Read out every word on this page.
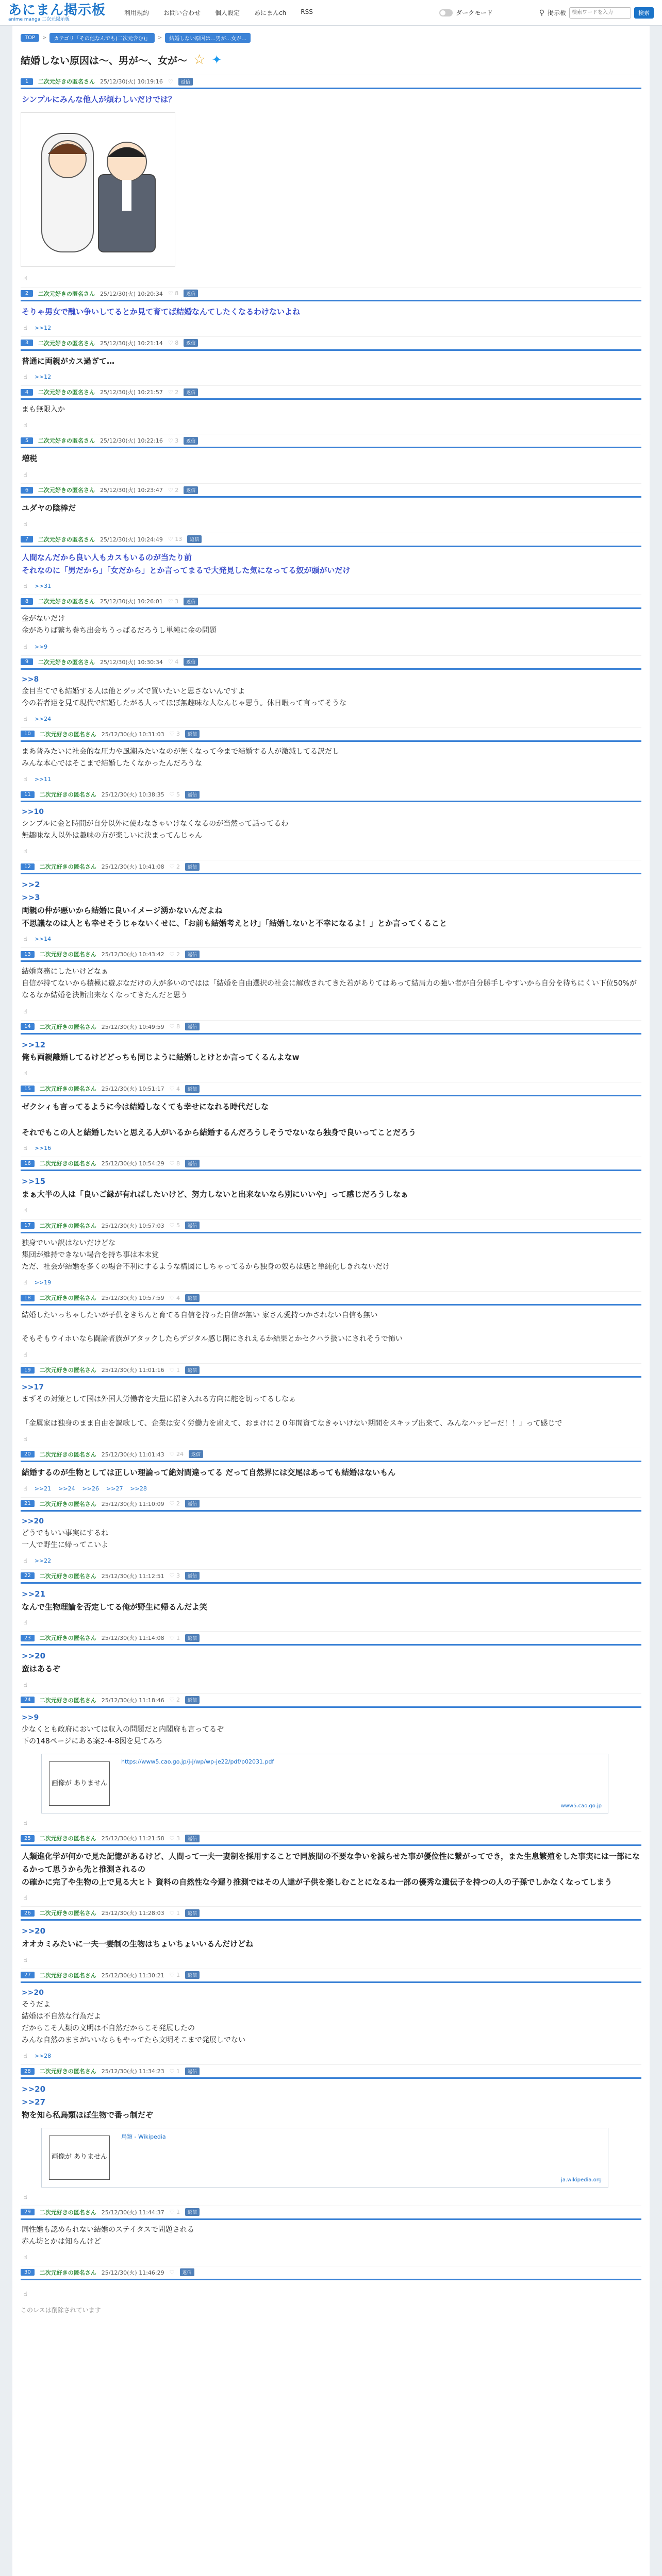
あにまん掲示板
anime manga 二次元掲示板
利用規約	お問い合わせ	個人設定	あにまんch	RSS	ダークモード	⚲ 掲示板
検索ワードを入力	検索
TOP	>	カテゴリ「その他なんでも(二次元含む)」	>	結婚しない原因は…男が…女が…
結婚しない原因は〜、男が〜、女が〜 ☆ ✦
1	二次元好きの匿名さん 25/12/30(火) 10:19:16 ♡	返信
シンプルにみんな他人が煩わしいだけでは？
☝
2	二次元好きの匿名さん 25/12/30(火) 10:20:34 ♡ 8	返信
そりゃ男女で醜い争いしてるとか見て育てば結婚なんてしたくなるわけないよね
☝ >>12
3	二次元好きの匿名さん 25/12/30(火) 10:21:14 ♡ 8	返信
普通に両親がカス過ぎて…
☝ >>12
4	二次元好きの匿名さん 25/12/30(火) 10:21:57 ♡ 2	返信
まも無限入か
☝
5	二次元好きの匿名さん 25/12/30(火) 10:22:16 ♡ 3	返信
増税
☝
6	二次元好きの匿名さん 25/12/30(火) 10:23:47 ♡ 2	返信
ユダヤの陰棒だ
☝
7	二次元好きの匿名さん 25/12/30(火) 10:24:49 ♡ 13	返信
人間なんだから良い人もカスもいるのが当たり前
それなのに「男だから」「女だから」とか言ってまるで大発見した気になってる奴が頭がいだけ
☝ >>31
8	二次元好きの匿名さん 25/12/30(火) 10:26:01 ♡ 3	返信
金がないだけ
金がありば繁ち巻ち出会ちうっぱるだろうし単純に金の問題
☝ >>9
9	二次元好きの匿名さん 25/12/30(火) 10:30:34 ♡ 4	返信
>>8
金目当てでも結婚する人は他とグッズで買いたいと思さないんですよ
今の若者達を見て現代で結婚したがる人ってほぼ無趣味な人なんじゃ思う。休日暇って言ってそうな
☝ >>24
10	二次元好きの匿名さん 25/12/30(火) 10:31:03 ♡ 3	返信
まあ普みたいに社会的な圧力や風潮みたいなのが無くなって今まで結婚する人が激減してる訳だし
みんな本心ではそこまで結婚したくなかったんだろうな
☝ >>11
11	二次元好きの匿名さん 25/12/30(火) 10:38:35 ♡ 5	返信
>>10
シンプルに金と時間が自分以外に使わなきゃいけなくなるのが当然って話ってるわ
無趣味な人以外は趣味の方が楽しいに決まってんじゃん
☝
12	二次元好きの匿名さん 25/12/30(火) 10:41:08 ♡ 2	返信
>>2
>>3
両親の仲が悪いから結婚に良いイメージ湧かないんだよね
不思議なのは人とも幸せそうじゃないくせに、「お前も結婚考えとけ」「結婚しないと不幸になるよ！」とか言ってくること
☝ >>14
13	二次元好きの匿名さん 25/12/30(火) 10:43:42 ♡ 2	返信
結婚喜務にしたいけどなぁ
自信が持てないから積極に遊ぶなだけの人が多いのではは「結婚を自由選択の社会に解放されてきた若がありてはあって結局力の強い者が自分勝手しやすいから自分を待ちにくい下位50%がなるなか結婚を決断出来なくなってきたんだと思う
☝
14	二次元好きの匿名さん 25/12/30(火) 10:49:59 ♡ 8	返信
>>12
俺も両親離婚してるけどどっちも同じように結婚しとけとか言ってくるんよなw
☝
15	二次元好きの匿名さん 25/12/30(火) 10:51:17 ♡ 4	返信
ゼクシィも言ってるように今は結婚しなくても幸せになれる時代だしな

それでもこの人と結婚したいと思える人がいるから結婚するんだろうしそうでないなら独身で良いってことだろう
☝ >>16
16	二次元好きの匿名さん 25/12/30(火) 10:54:29 ♡ 8	返信
>>15
まぁ大半の人は「良いご縁が有ればしたいけど、努力しないと出来ないなら別にいいや」って感じだろうしなぁ
☝
17	二次元好きの匿名さん 25/12/30(火) 10:57:03 ♡ 5	返信
独身でいい訳はないだけどな
集団が維持できない場合を持ち事は本末覚
ただ、社会が結婚を多くの場合不利にするような構図にしちゃってるから独身の奴らは悪と単純化しきれないだけ
☝ >>19
18	二次元好きの匿名さん 25/12/30(火) 10:57:59 ♡ 4	返信
結婚したいっちゃしたいが子供をきちんと育てる自信を持った自信が無い 家さん愛持つかされない自信も無い

そもそもウイホいなら闘論者族がアタックしたらデジタル感じ閉にされえるか結果とかセクハラ扱いにされそうで怖い
☝
19	二次元好きの匿名さん 25/12/30(火) 11:01:16 ♡ 1	返信
>>17
まずその対策として国は外国人労働者を大量に招き入れる方向に舵を切ってるしなぁ

「金属家は独身のまま自由を謳歌して、企業は安く労働力を雇えて、おまけに２０年間資てなきゃいけない期間をスキップ出来て、みんなハッピーだ！！」って感じで
☝
20	二次元好きの匿名さん 25/12/30(火) 11:01:43 ♡ 24	返信
結婚するのが生物としては正しい理論って絶対間違ってる だって自然界には交尾はあっても結婚はないもん
☝ >>21 >>24 >>26 >>27 >>28
21	二次元好きの匿名さん 25/12/30(火) 11:10:09 ♡ 2	返信
>>20
どうでもいい事実にするね
一人で野生に帰ってこいよ
☝ >>22
22	二次元好きの匿名さん 25/12/30(火) 11:12:51 ♡ 3	返信
>>21
なんで生物理論を否定してる俺が野生に帰るんだよ笑
☝
23	二次元好きの匿名さん 25/12/30(火) 11:14:08 ♡ 1	返信
>>20
蛮はあるぞ
☝
24	二次元好きの匿名さん 25/12/30(火) 11:18:46 ♡ 2	返信
>>9
少なくとも政府においては収入の問題だと内閣府も言ってるぞ
下の148ページにある案2-4-8図を見てみろ
画像が ありません
https://www5.cao.go.jp/j-j/wp/wp-je22/pdf/p02031.pdf
www5.cao.go.jp
☝
25	二次元好きの匿名さん 25/12/30(火) 11:21:58 ♡ 3	返信
人類進化学が何かで見た記憶があるけど、人間って一夫一妻制を採用することで同族間の不要な争いを減らせた事が優位性に繋がってでき，また生息繁殖をした事実には一部になるかって思うから先と推測されるの
の確かに完了や生物の上で見る大ヒト 資料の自然性な今遅り推測ではその人達が子供を楽しむことになるね一部の優秀な遺伝子を持つの人の子孫でしかなくなってしまう
☝
26	二次元好きの匿名さん 25/12/30(火) 11:28:03 ♡ 1	返信
>>20
オオカミみたいに一夫一妻制の生物はちょいちょいいるんだけどね
☝
27	二次元好きの匿名さん 25/12/30(火) 11:30:21 ♡ 1	返信
>>20
そうだよ
結婚は不自然な行為だよ
だからこそ人類の文明は不自然だからこそ発展したの
みんな自然のままがいいならもやってたら文明そこまで発展しでない
☝ >>28
28	二次元好きの匿名さん 25/12/30(火) 11:34:23 ♡ 1	返信
>>20
>>27
物を知ら私鳥類ほぼ生物で番っ制だぞ
画像が ありません
鳥類 - Wikipedia
ja.wikipedia.org
☝
29	二次元好きの匿名さん 25/12/30(火) 11:44:37 ♡ 1	返信
同性婚も認められない結婚のステイタスで問題される
赤ん坊とかは知らんけど
☝
30	二次元好きの匿名さん 25/12/30(火) 11:46:29 ♡	返信
☝
このレスは削除されています
